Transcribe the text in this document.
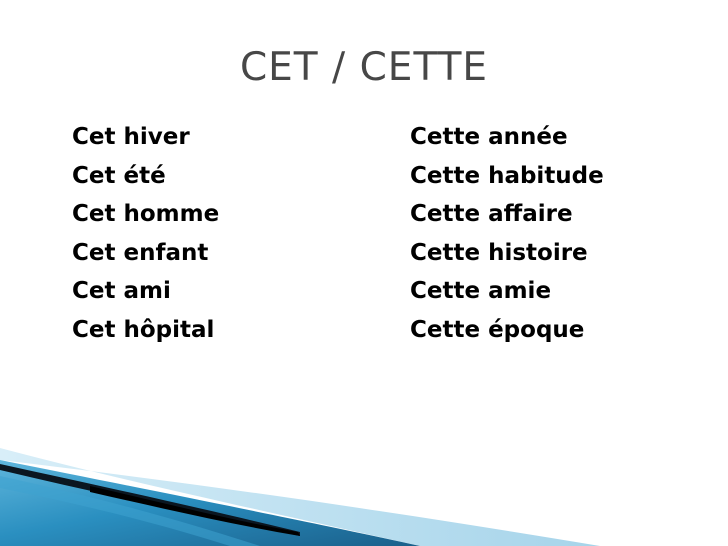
CET / CETTE
Cet hiver
Cet été
Cet homme
Cet enfant
Cet ami
Cet hôpital
Cette année
Cette habitude
Cette affaire
Cette histoire
Cette amie
Cette époque
